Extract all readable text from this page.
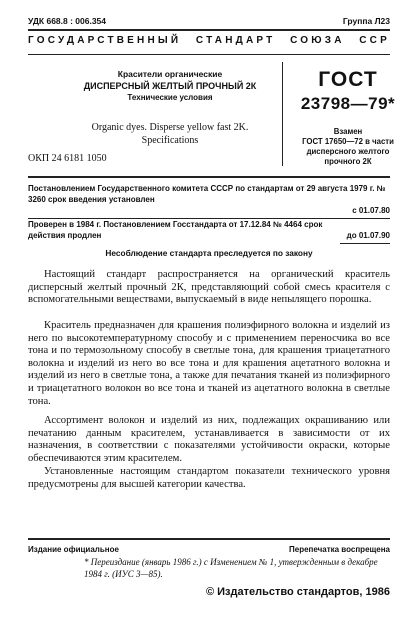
УДК 668.8 : 006.354	Группа Л23
ГОСУДАРСТВЕННЫЙ СТАНДАРТ СОЮЗА ССР
Красители органические
ДИСПЕРСНЫЙ ЖЕЛТЫЙ ПРОЧНЫЙ 2К
Технические условия
Organic dyes. Disperse yellow fast 2K.
Specifications
ОКП 24 6181 1050
ГОСТ
23798—79*
Взамен
ГОСТ 17650—72 в части
дисперсного желтого
прочного 2К
Постановлением Государственного комитета СССР по стандартам от 29 августа 1979 г. № 3260 срок введения установлен
с 01.07.80
Проверен в 1984 г. Постановлением Госстандарта от 17.12.84 № 4464 срок действия продлен	до 01.07.90
Несоблюдение стандарта преследуется по закону
Настоящий стандарт распространяется на органический краситель дисперсный желтый прочный 2К, представляющий собой смесь красителя с вспомогательными веществами, выпускаемый в виде непылящего порошка.
Краситель предназначен для крашения полиэфирного волокна и изделий из него по высокотемпературному способу и с применением переносчика во все тона и по термозольному способу в светлые тона, для крашения триацетатного волокна и изделий из него во все тона и для крашения ацетатного волокна и изделий из него в светлые тона, а также для печатания тканей из полиэфирного и триацетатного волокон во все тона и тканей из ацетатного волокна в светлые тона.
Ассортимент волокон и изделий из них, подлежащих окрашиванию или печатанию данным красителем, устанавливается в зависимости от их назначения, в соответствии с показателями устойчивости окраски, которые обеспечиваются этим красителем.
Установленные настоящим стандартом показатели технического уровня предусмотрены для высшей категории качества.
Издание официальное	Перепечатка воспрещена
* Переиздание (январь 1986 г.) с Изменением № 1, утвержденным в декабре 1984 г. (ИУС 3—85).
© Издательство стандартов, 1986
